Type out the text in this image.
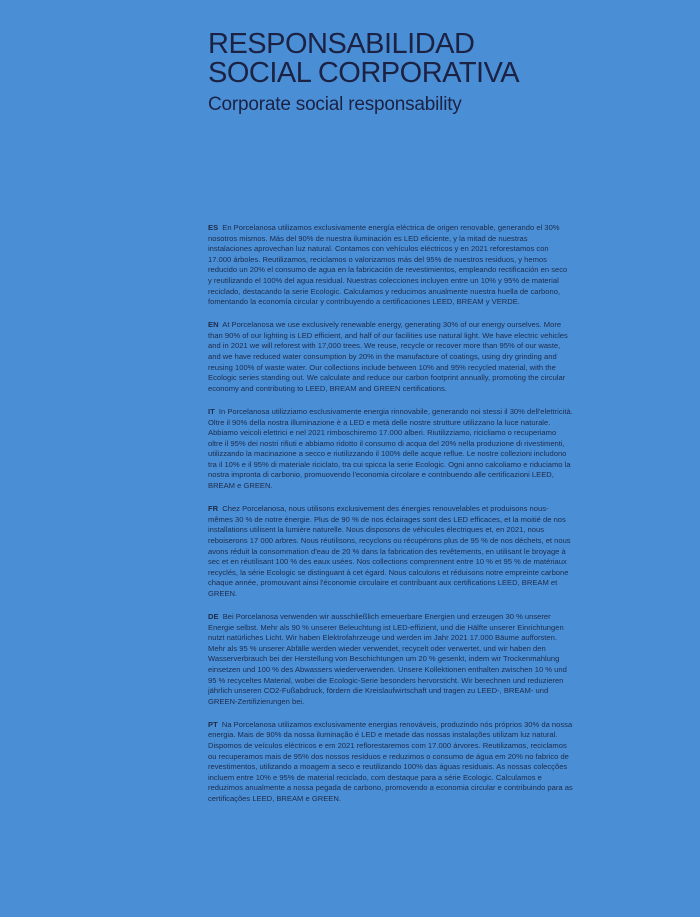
RESPONSABILIDAD
SOCIAL CORPORATIVA
Corporate social responsability

ES En Porcelanosa utilizamos exclusivamente energía eléctrica de origen renovable, generando el 30% nosotros mismos. Más del 90% de nuestra iluminación es LED eficiente, y la mitad de nuestras instalaciones aprovechan luz natural. Contamos con vehículos eléctricos y en 2021 reforestamos con 17.000 árboles. Reutilizamos, reciclamos o valorizamos más del 95% de nuestros residuos, y hemos reducido un 20% el consumo de agua en la fabricación de revestimientos, empleando rectificación en seco y reutilizando el 100% del agua residual. Nuestras colecciones incluyen entre un 10% y 95% de material reciclado, destacando la serie Ecologic. Calculamos y reducimos anualmente nuestra huella de carbono, fomentando la economía circular y contribuyendo a certificaciones LEED, BREAM y VERDE.

EN At Porcelanosa we use exclusively renewable energy, generating 30% of our energy ourselves. More than 90% of our lighting is LED efficient, and half of our facilities use natural light. We have electric vehicles and in 2021 we will reforest with 17,000 trees. We reuse, recycle or recover more than 95% of our waste, and we have reduced water consumption by 20% in the manufacture of coatings, using dry grinding and reusing 100% of waste water. Our collections include between 10% and 95% recycled material, with the Ecologic series standing out. We calculate and reduce our carbon footprint annually, promoting the circular economy and contributing to LEED, BREAM and GREEN certifications.

IT In Porcelanosa utilizziamo esclusivamente energia rinnovabile, generando noi stessi il 30% dell'elettricità. Oltre il 90% della nostra illuminazione è a LED e metà delle nostre strutture utilizzano la luce naturale. Abbiamo veicoli elettrici e nel 2021 rimboschiremo 17.000 alberi. Riutilizziamo, ricicliamo o recuperiamo oltre il 95% dei nostri rifiuti e abbiamo ridotto il consumo di acqua del 20% nella produzione di rivestimenti, utilizzando la macinazione a secco e riutilizzando il 100% delle acque reflue. Le nostre collezioni includono tra il 10% e il 95% di materiale riciclato, tra cui spicca la serie Ecologic. Ogni anno calcoliamo e riduciamo la nostra impronta di carbonio, promuovendo l'economia circolare e contribuendo alle certificazioni LEED, BREAM e GREEN.

FR Chez Porcelanosa, nous utilisons exclusivement des énergies renouvelables et produisons nous-mêmes 30 % de notre énergie. Plus de 90 % de nos éclairages sont des LED efficaces, et la moitié de nos installations utilisent la lumière naturelle. Nous disposons de véhicules électriques et, en 2021, nous reboiserons 17 000 arbres. Nous réutilisons, recyclons ou récupérons plus de 95 % de nos déchets, et nous avons réduit la consommation d'eau de 20 % dans la fabrication des revêtements, en utilisant le broyage à sec et en réutilisant 100 % des eaux usées. Nos collections comprennent entre 10 % et 95 % de matériaux recyclés, la série Ecologic se distinguant à cet égard. Nous calculons et réduisons notre empreinte carbone chaque année, promouvant ainsi l'économie circulaire et contribuant aux certifications LEED, BREAM et GREEN.

DE Bei Porcelanosa verwenden wir ausschließlich erneuerbare Energien und erzeugen 30 % unserer Energie selbst. Mehr als 90 % unserer Beleuchtung ist LED-effizient, und die Hälfte unserer Einrichtungen nutzt natürliches Licht. Wir haben Elektrofahrzeuge und werden im Jahr 2021 17.000 Bäume aufforsten. Mehr als 95 % unserer Abfälle werden wieder verwendet, recycelt oder verwertet, und wir haben den Wasserverbrauch bei der Herstellung von Beschichtungen um 20 % gesenkt, indem wir Trockenmahlung einsetzen und 100 % des Abwassers wiederverwenden. Unsere Kollektionen enthalten zwischen 10 % und 95 % recyceltes Material, wobei die Ecologic-Serie besonders hervorsticht. Wir berechnen und reduzieren jährlich unseren CO2-Fußabdruck, fördern die Kreislaufwirtschaft und tragen zu LEED-, BREAM- und GREEN-Zertifizierungen bei.

PT Na Porcelanosa utilizamos exclusivamente energias renováveis, produzindo nós próprios 30% da nossa energia. Mais de 90% da nossa iluminação é LED e metade das nossas instalações utilizam luz natural. Dispomos de veículos eléctricos e em 2021 reflorestaremos com 17.000 árvores. Reutilizamos, reciclamos ou recuperamos mais de 95% dos nossos resíduos e reduzimos o consumo de água em 20% no fabrico de revestimentos, utilizando a moagem a seco e reutilizando 100% das águas residuais. As nossas colecções incluem entre 10% e 95% de material reciclado, com destaque para a série Ecologic. Calculamos e reduzimos anualmente a nossa pegada de carbono, promovendo a economia circular e contribuindo para as certificações LEED, BREAM e GREEN.
